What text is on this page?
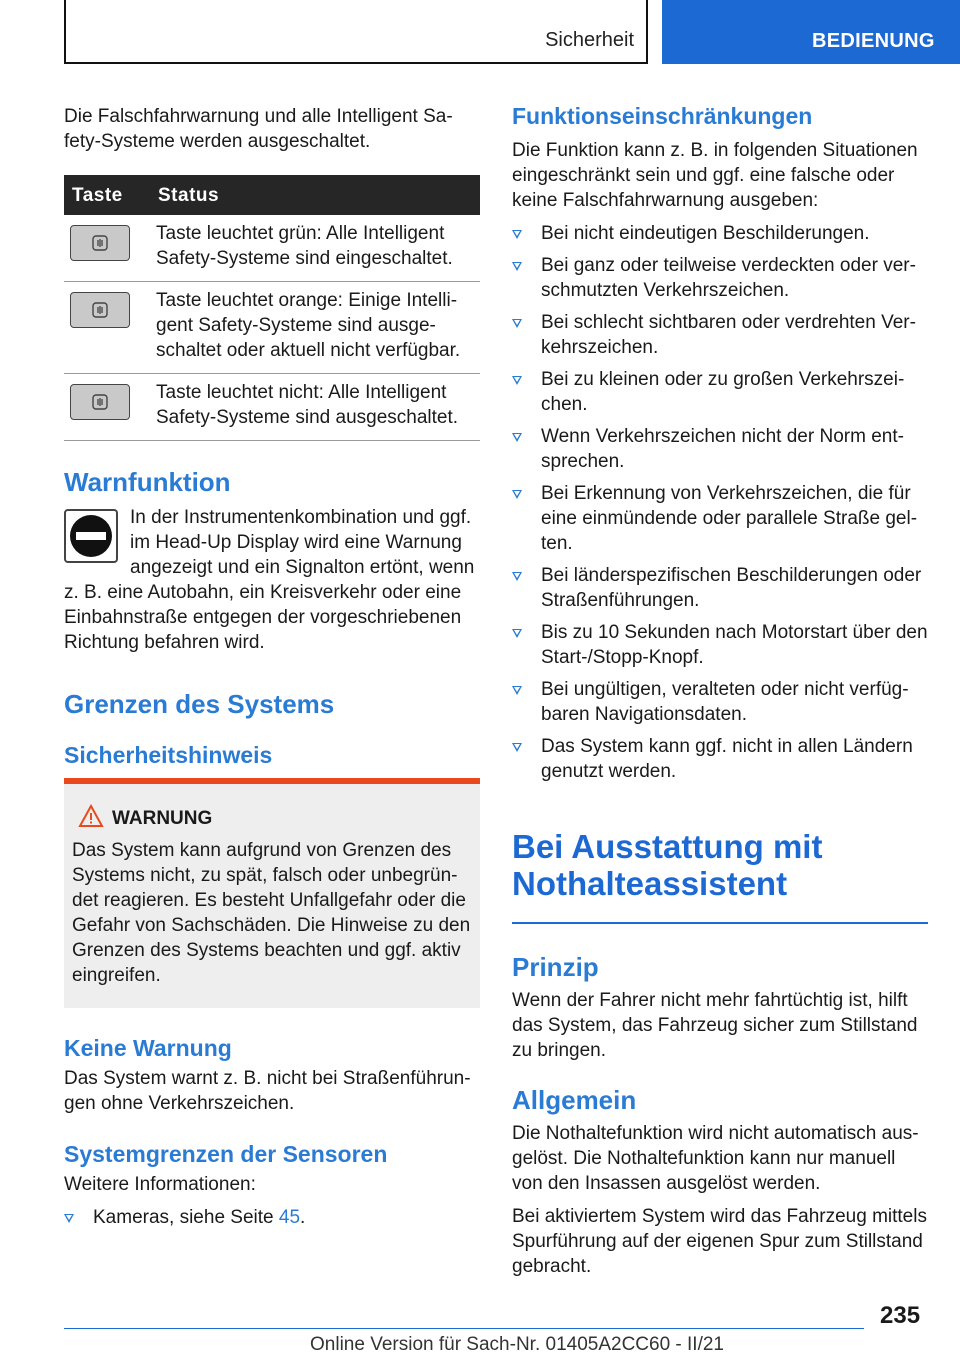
Sicherheit	BEDIENUNG

Die Falschfahrwarnung und alle Intelligent Safety-Systeme werden ausgeschaltet.

Taste	Status

	Taste leuchtet grün: Alle Intelligent Safety-Systeme sind eingeschaltet.

	Taste leuchtet orange: Einige Intelligent Safety-Systeme sind ausgeschaltet oder aktuell nicht verfügbar.

	Taste leuchtet nicht: Alle Intelligent Safety-Systeme sind ausgeschaltet.

Warnfunktion

In der Instrumentenkombination und ggf. im Head-Up Display wird eine Warnung angezeigt und ein Signalton ertönt, wenn z. B. eine Autobahn, ein Kreisverkehr oder eine Einbahnstraße entgegen der vorgeschriebenen Richtung befahren wird.

Grenzen des Systems

Sicherheitshinweis

WARNUNG

Das System kann aufgrund von Grenzen des Systems nicht, zu spät, falsch oder unbegründet reagieren. Es besteht Unfallgefahr oder die Gefahr von Sachschäden. Die Hinweise zu den Grenzen des Systems beachten und ggf. aktiv eingreifen.

Keine Warnung

Das System warnt z. B. nicht bei Straßenführungen ohne Verkehrszeichen.

Systemgrenzen der Sensoren

Weitere Informationen:

Kameras, siehe Seite 45.

Funktionseinschränkungen

Die Funktion kann z. B. in folgenden Situationen eingeschränkt sein und ggf. eine falsche oder keine Falschfahrwarnung ausgeben:

Bei nicht eindeutigen Beschilderungen.
Bei ganz oder teilweise verdeckten oder verschmutzten Verkehrszeichen.
Bei schlecht sichtbaren oder verdrehten Verkehrszeichen.
Bei zu kleinen oder zu großen Verkehrszeichen.
Wenn Verkehrszeichen nicht der Norm entsprechen.
Bei Erkennung von Verkehrszeichen, die für eine einmündende oder parallele Straße gelten.
Bei länderspezifischen Beschilderungen oder Straßenführungen.
Bis zu 10 Sekunden nach Motorstart über den Start-/Stopp-Knopf.
Bei ungültigen, veralteten oder nicht verfügbaren Navigationsdaten.
Das System kann ggf. nicht in allen Ländern genutzt werden.

Bei Ausstattung mit Nothalteassistent

Prinzip

Wenn der Fahrer nicht mehr fahrtüchtig ist, hilft das System, das Fahrzeug sicher zum Stillstand zu bringen.

Allgemein

Die Nothaltefunktion wird nicht automatisch ausgelöst. Die Nothaltefunktion kann nur manuell von den Insassen ausgelöst werden.

Bei aktiviertem System wird das Fahrzeug mittels Spurführung auf der eigenen Spur zum Stillstand gebracht.

235
Online Version für Sach-Nr. 01405A2CC60 - II/21
